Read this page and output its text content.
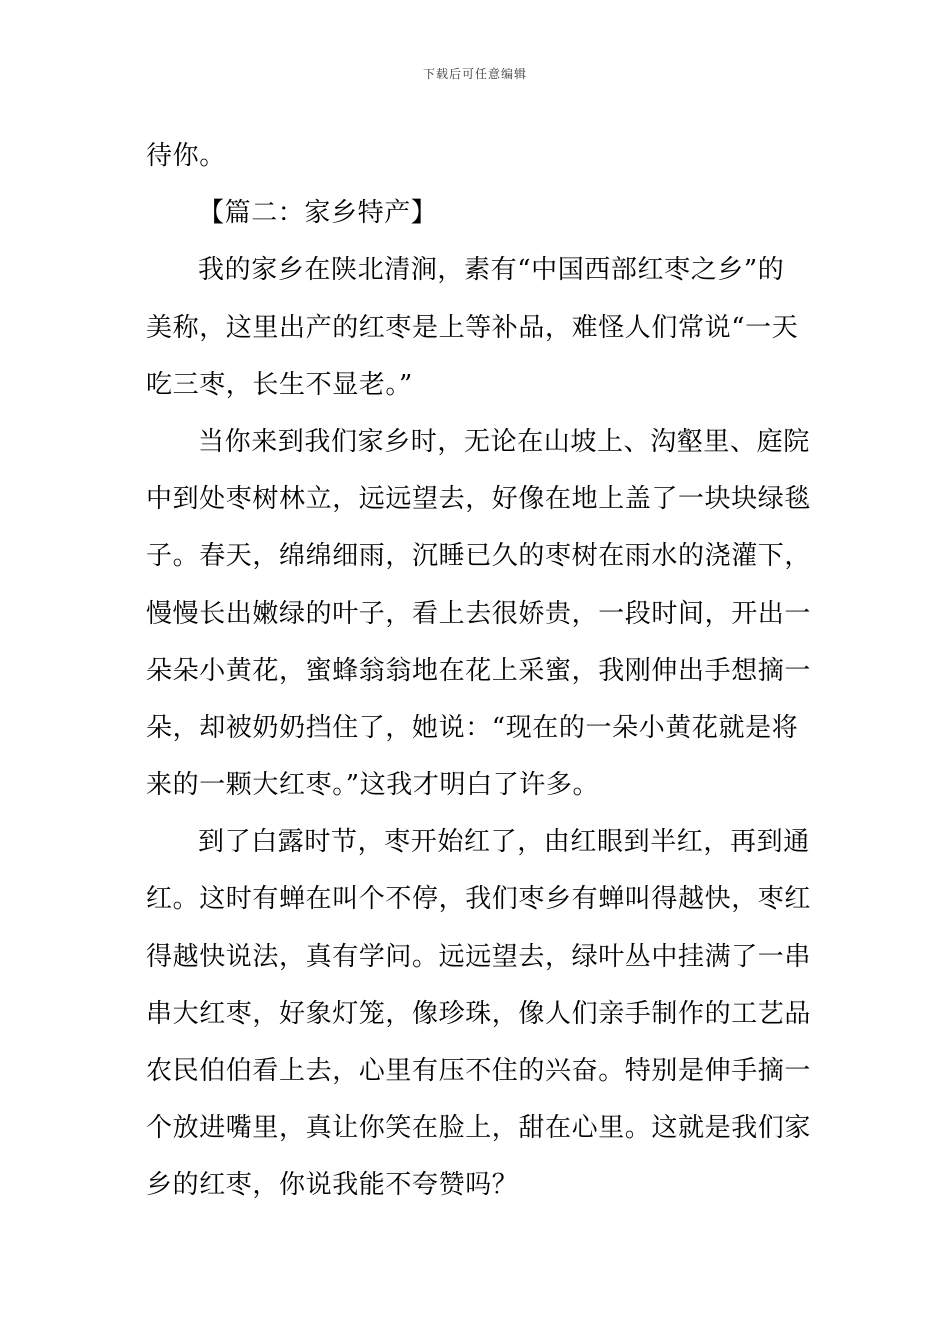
下载后可任意编辑
待你。
【篇二：家乡特产】
我的家乡在陕北清涧，素有“中国西部红枣之乡”的
美称，这里出产的红枣是上等补品，难怪人们常说“一天
吃三枣，长生不显老。”
当你来到我们家乡时，无论在山坡上、沟壑里、庭院
中到处枣树林立，远远望去，好像在地上盖了一块块绿毯
子。春天，绵绵细雨，沉睡已久的枣树在雨水的浇灌下，
慢慢长出嫩绿的叶子，看上去很娇贵，一段时间，开出一
朵朵小黄花，蜜蜂翁翁地在花上采蜜，我刚伸出手想摘一
朵，却被奶奶挡住了，她说：“现在的一朵小黄花就是将
来的一颗大红枣。”这我才明白了许多。
到了白露时节，枣开始红了，由红眼到半红，再到通
红。这时有蝉在叫个不停，我们枣乡有蝉叫得越快，枣红
得越快说法，真有学问。远远望去，绿叶丛中挂满了一串
串大红枣，好象灯笼，像珍珠，像人们亲手制作的工艺品
农民伯伯看上去，心里有压不住的兴奋。特别是伸手摘一
个放进嘴里，真让你笑在脸上，甜在心里。这就是我们家
乡的红枣，你说我能不夸赞吗？
